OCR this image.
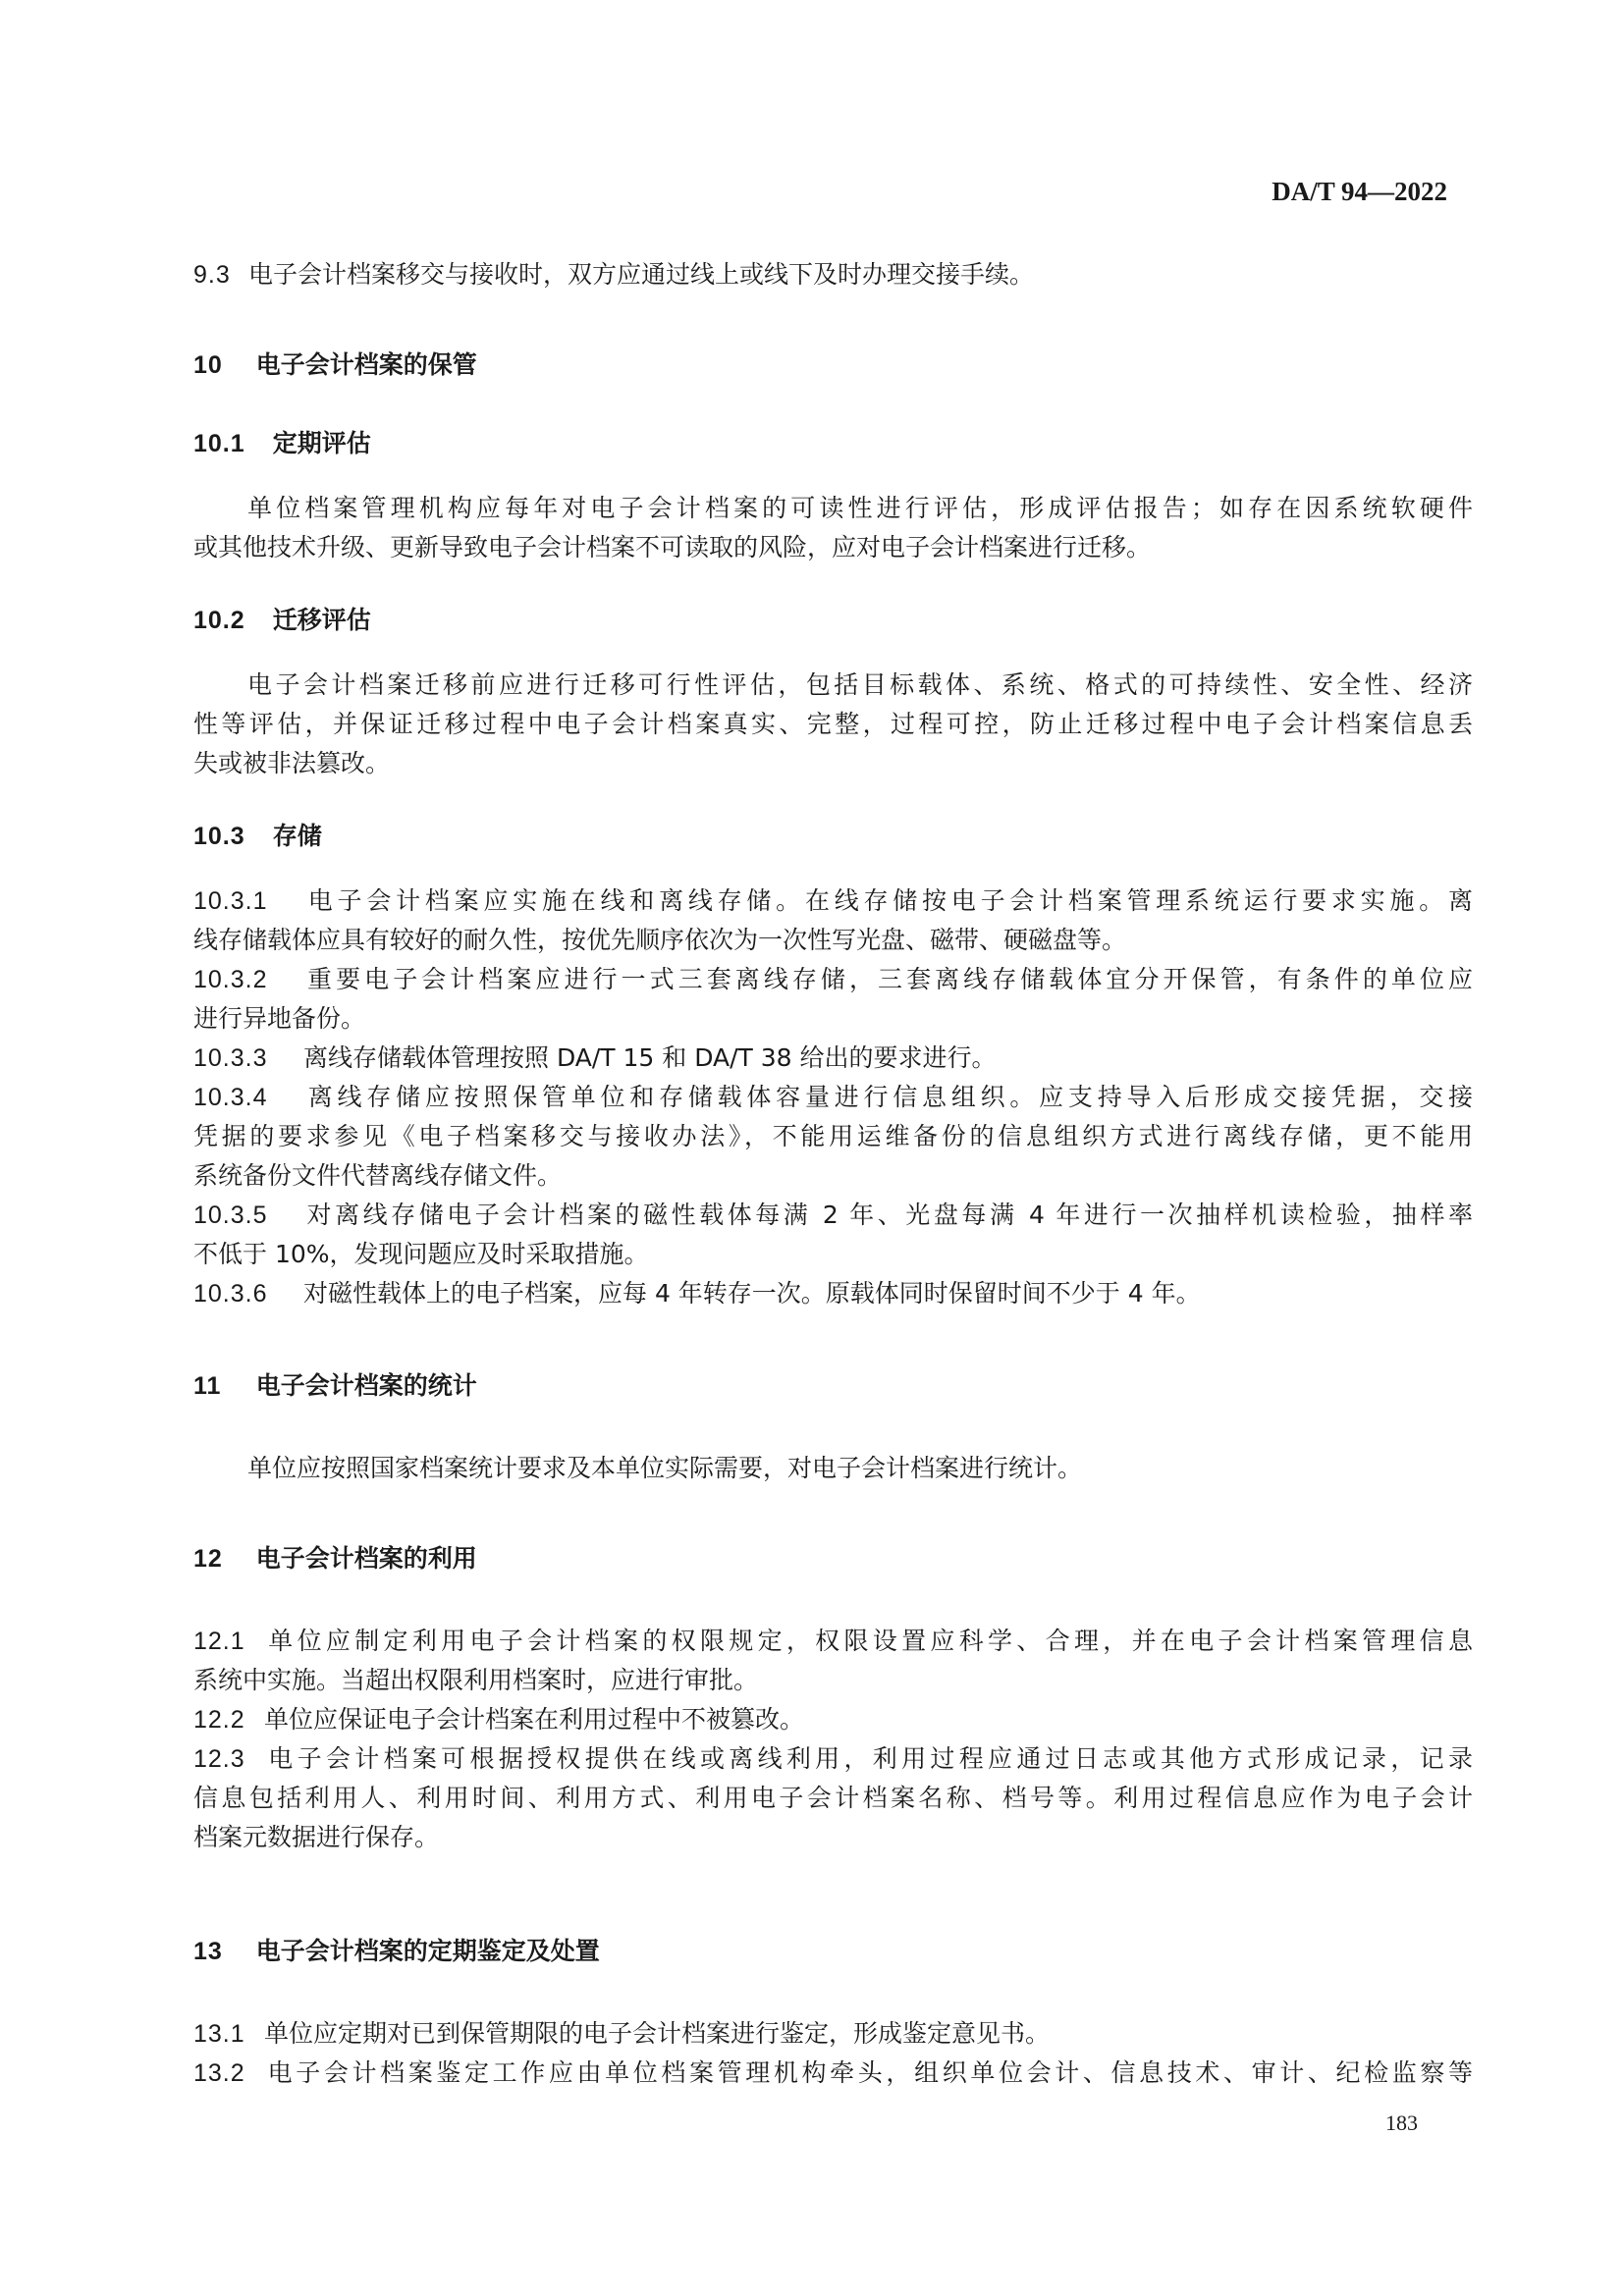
DA/T 94—2022
9.3 电子会计档案移交与接收时，双方应通过线上或线下及时办理交接手续。
10 电子会计档案的保管
10.1 定期评估
单位档案管理机构应每年对电子会计档案的可读性进行评估，形成评估报告；如存在因系统软硬件
或其他技术升级、更新导致电子会计档案不可读取的风险，应对电子会计档案进行迁移。
10.2 迁移评估
电子会计档案迁移前应进行迁移可行性评估，包括目标载体、系统、格式的可持续性、安全性、经济
性等评估，并保证迁移过程中电子会计档案真实、完整，过程可控，防止迁移过程中电子会计档案信息丢
失或被非法篡改。
10.3 存储
10.3.1 电子会计档案应实施在线和离线存储。在线存储按电子会计档案管理系统运行要求实施。离
线存储载体应具有较好的耐久性，按优先顺序依次为一次性写光盘、磁带、硬磁盘等。
10.3.2 重要电子会计档案应进行一式三套离线存储，三套离线存储载体宜分开保管，有条件的单位应
进行异地备份。
10.3.3 离线存储载体管理按照 DA/T 15 和 DA/T 38 给出的要求进行。
10.3.4 离线存储应按照保管单位和存储载体容量进行信息组织。应支持导入后形成交接凭据，交接
凭据的要求参见《电子档案移交与接收办法》，不能用运维备份的信息组织方式进行离线存储，更不能用
系统备份文件代替离线存储文件。
10.3.5 对离线存储电子会计档案的磁性载体每满 2 年、光盘每满 4 年进行一次抽样机读检验，抽样率
不低于 10%，发现问题应及时采取措施。
10.3.6 对磁性载体上的电子档案，应每 4 年转存一次。原载体同时保留时间不少于 4 年。
11 电子会计档案的统计
单位应按照国家档案统计要求及本单位实际需要，对电子会计档案进行统计。
12 电子会计档案的利用
12.1 单位应制定利用电子会计档案的权限规定，权限设置应科学、合理，并在电子会计档案管理信息
系统中实施。当超出权限利用档案时，应进行审批。
12.2 单位应保证电子会计档案在利用过程中不被篡改。
12.3 电子会计档案可根据授权提供在线或离线利用，利用过程应通过日志或其他方式形成记录，记录
信息包括利用人、利用时间、利用方式、利用电子会计档案名称、档号等。利用过程信息应作为电子会计
档案元数据进行保存。
13 电子会计档案的定期鉴定及处置
13.1 单位应定期对已到保管期限的电子会计档案进行鉴定，形成鉴定意见书。
13.2 电子会计档案鉴定工作应由单位档案管理机构牵头，组织单位会计、信息技术、审计、纪检监察等
183
